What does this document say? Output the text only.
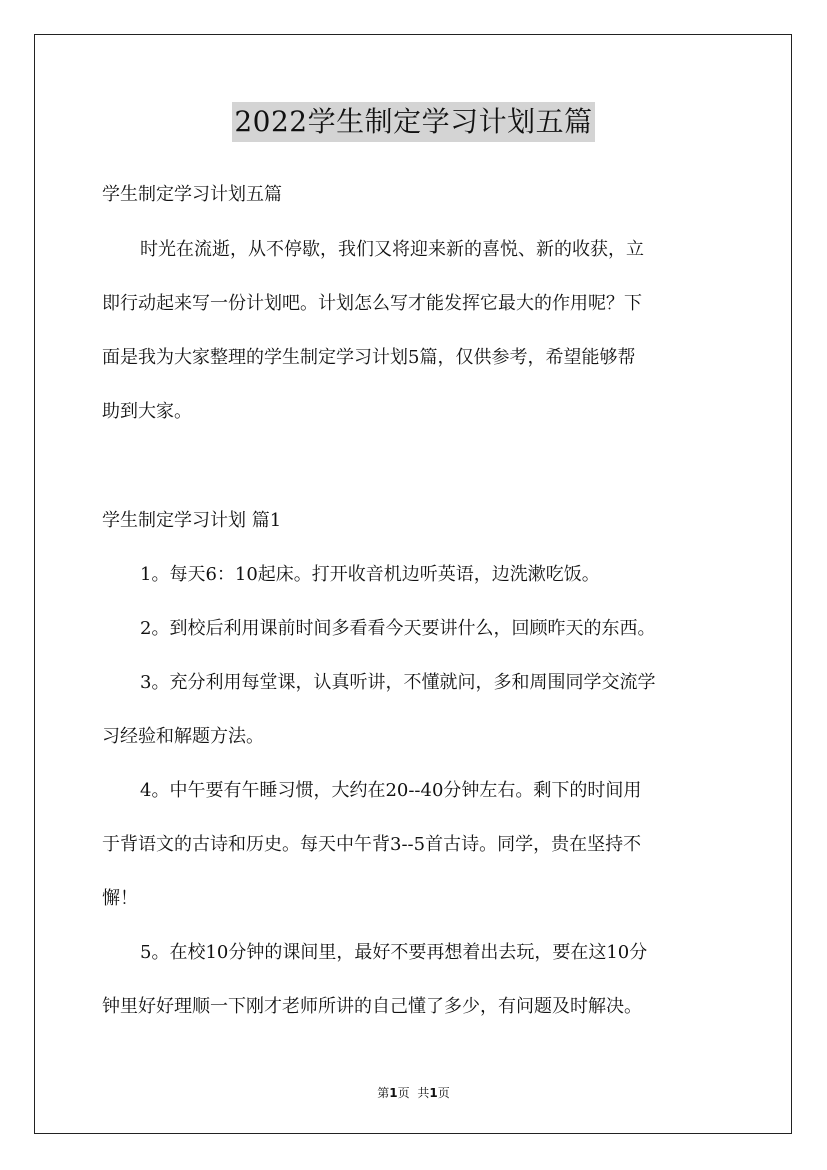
2022学生制定学习计划五篇
学生制定学习计划五篇
时光在流逝，从不停歇，我们又将迎来新的喜悦、新的收获，立
即行动起来写一份计划吧。计划怎么写才能发挥它最大的作用呢？下
面是我为大家整理的学生制定学习计划5篇，仅供参考，希望能够帮
助到大家。
学生制定学习计划 篇1
1。每天6：10起床。打开收音机边听英语，边洗漱吃饭。
2。到校后利用课前时间多看看今天要讲什么，回顾昨天的东西。
3。充分利用每堂课，认真听讲，不懂就问，多和周围同学交流学
习经验和解题方法。
4。中午要有午睡习惯，大约在20--40分钟左右。剩下的时间用
于背语文的古诗和历史。每天中午背3--5首古诗。同学，贵在坚持不
懈！
5。在校10分钟的课间里，最好不要再想着出去玩，要在这10分
钟里好好理顺一下刚才老师所讲的自己懂了多少，有问题及时解决。
第1页 共1页
